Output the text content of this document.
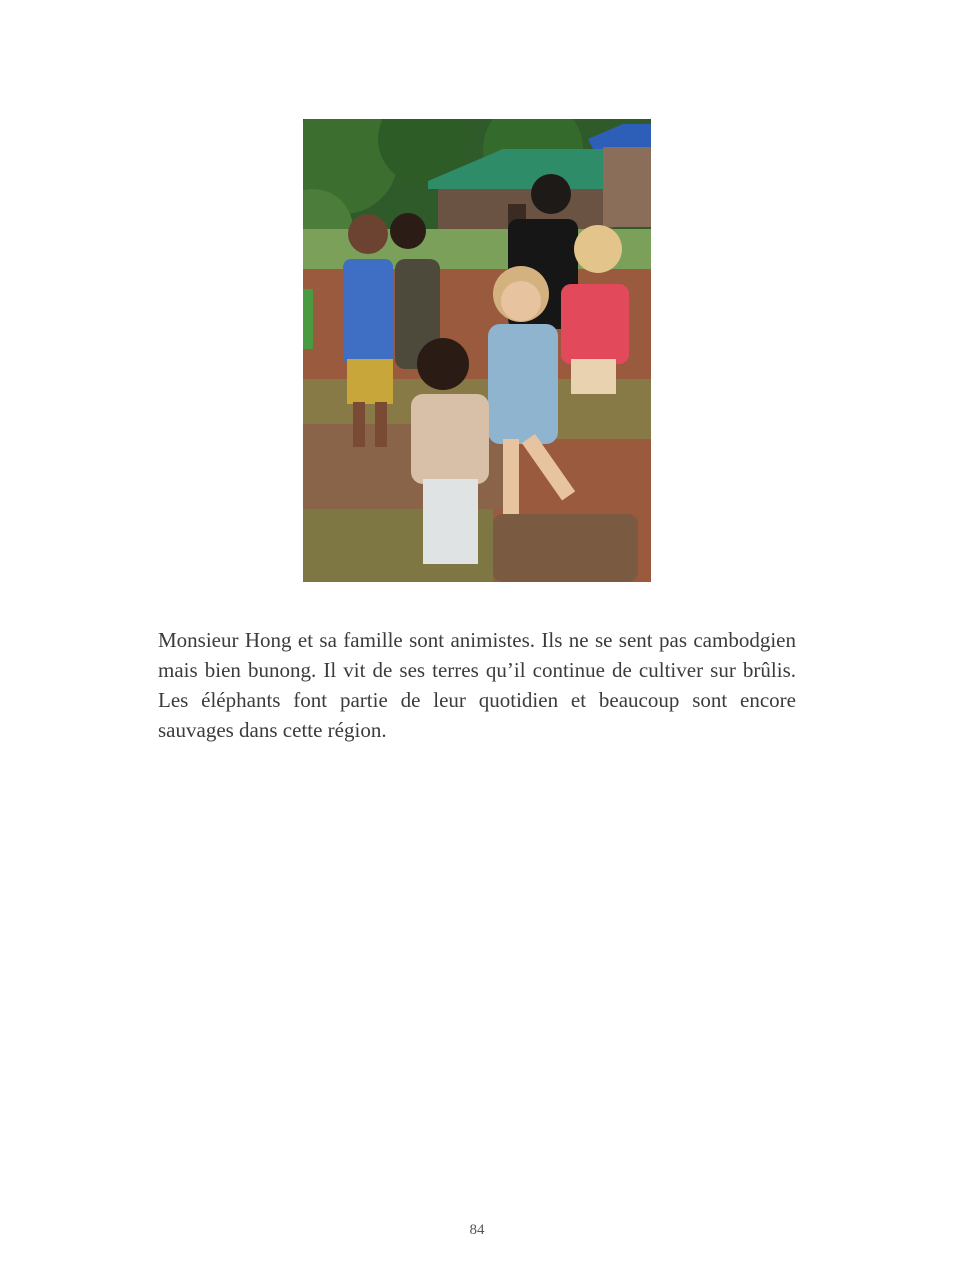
Monsieur Hong et sa famille sont animistes. Ils ne se sent pas cambodgien mais bien bunong. Il vit de ses terres qu’il continue de cultiver sur brûlis. Les éléphants font partie de leur quotidien et beaucoup sont encore sauvages dans cette région.

84
